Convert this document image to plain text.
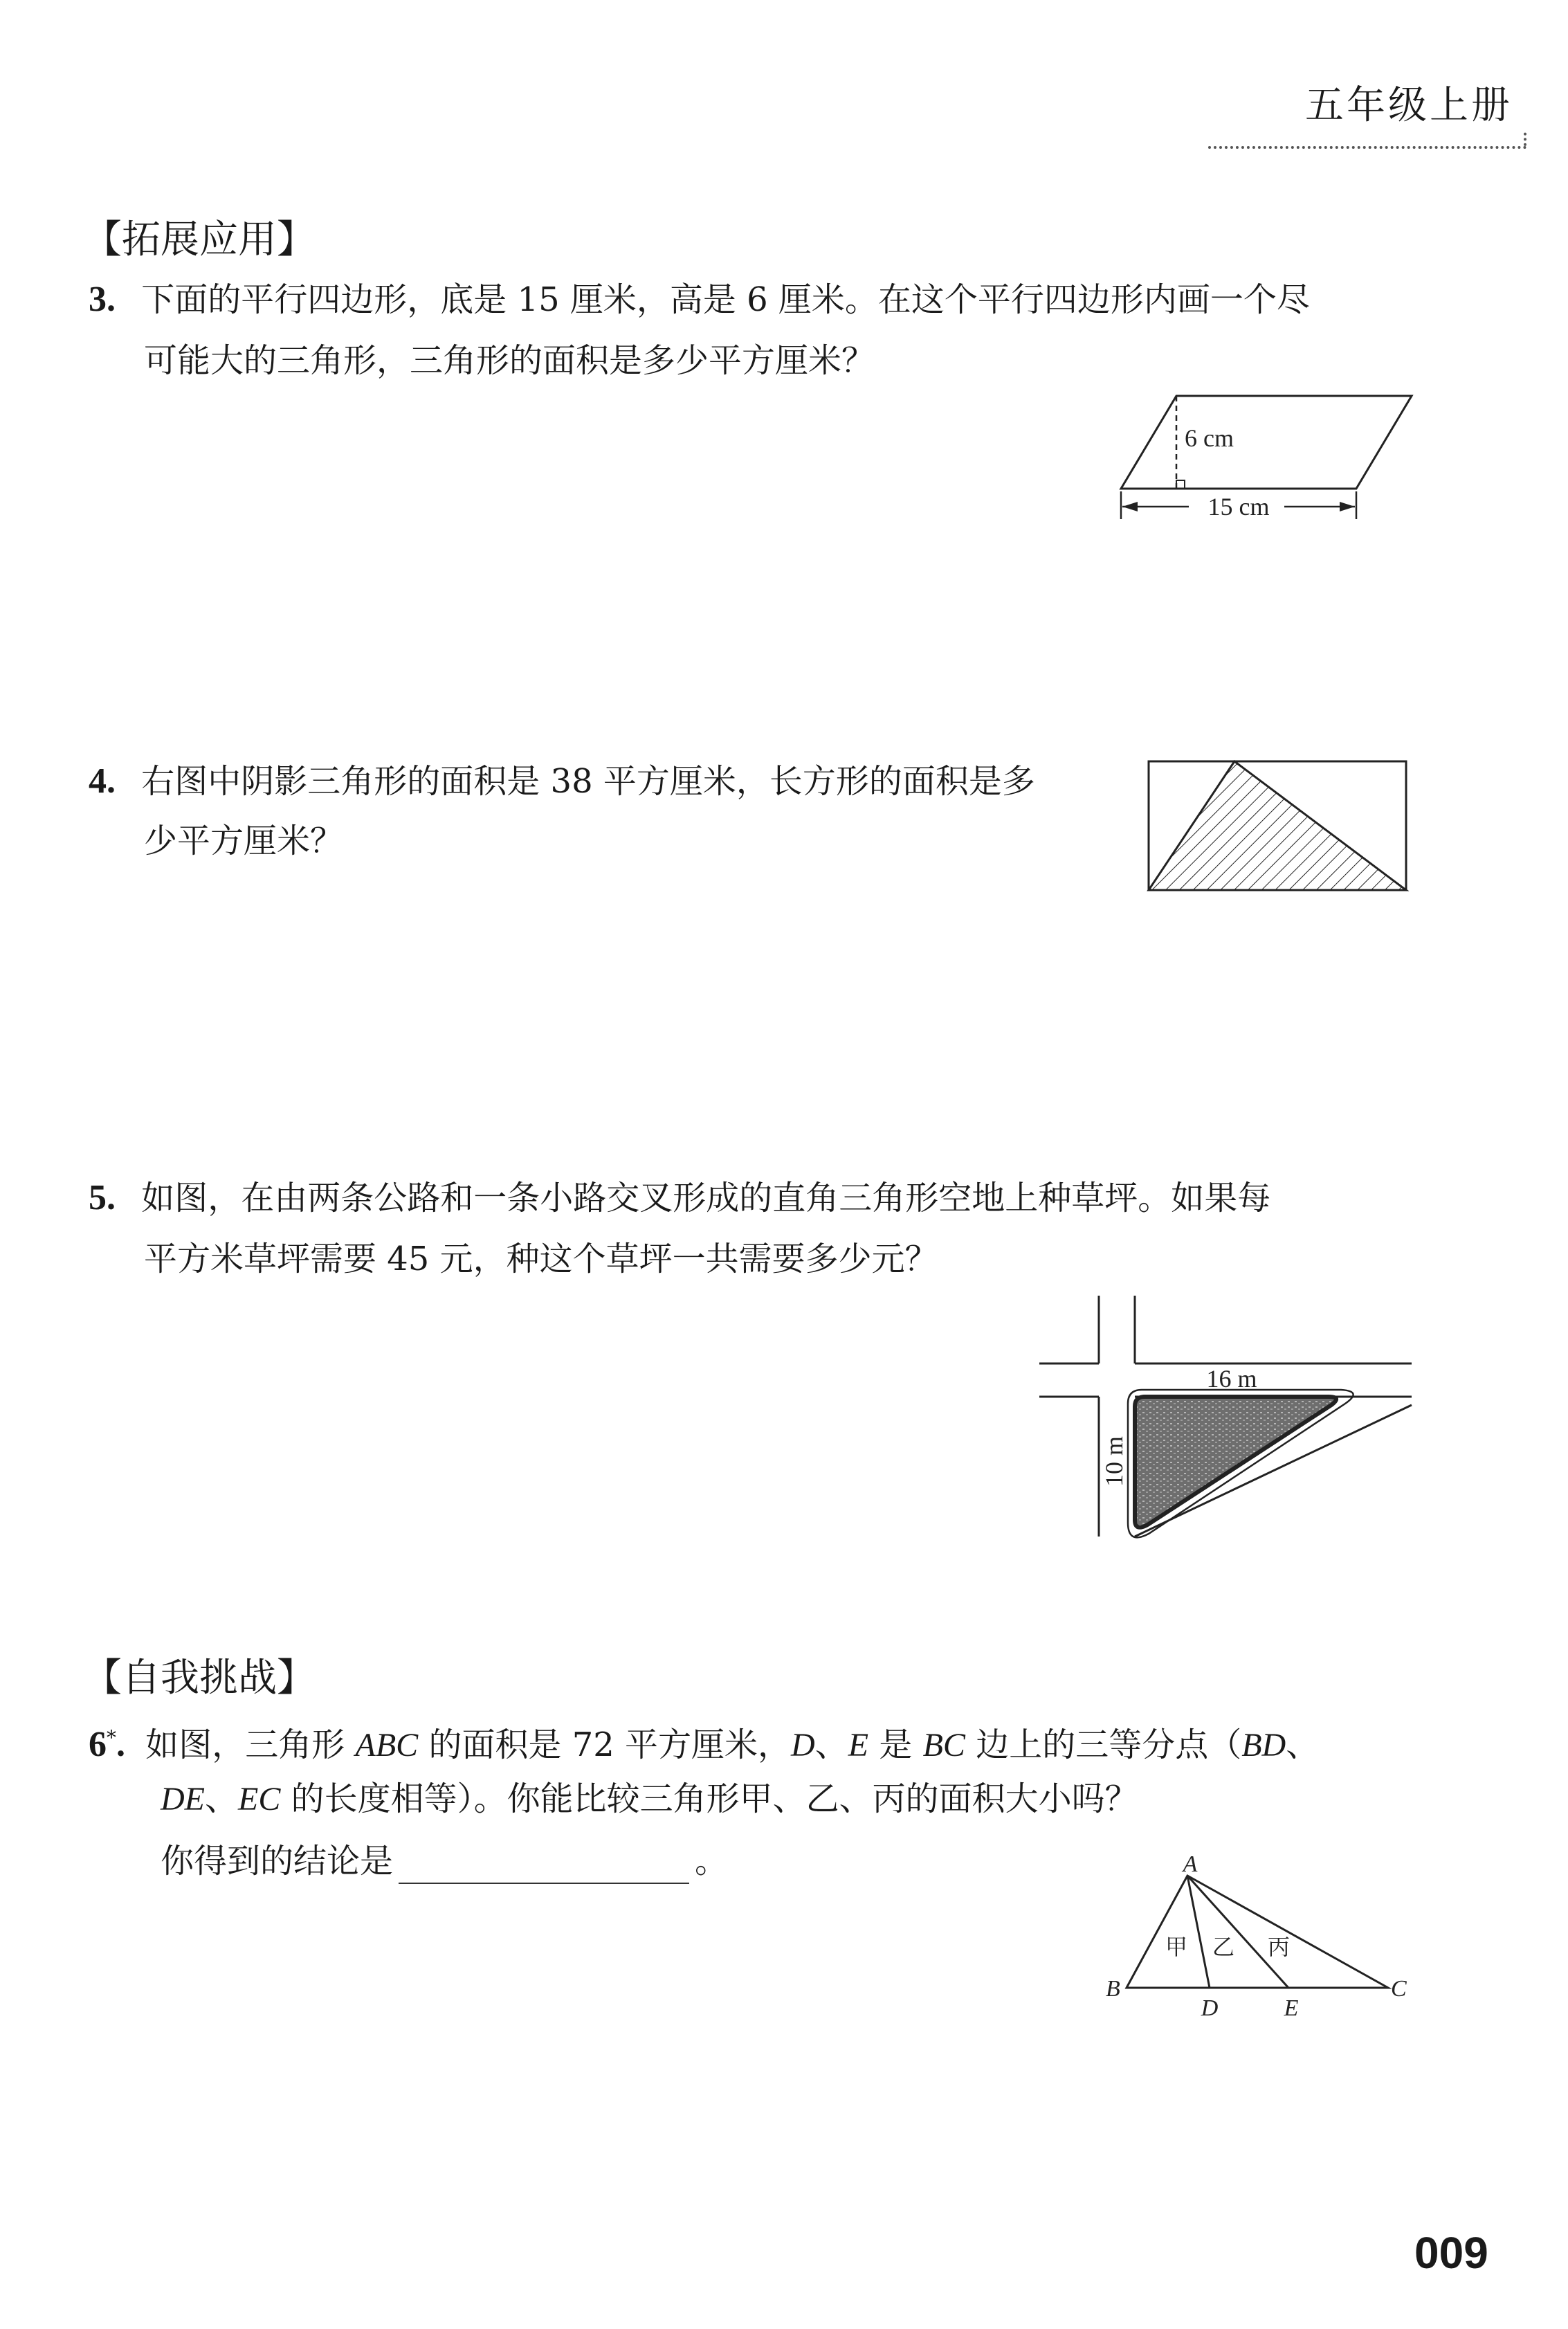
五年级上册
【拓展应用】
3. 下面的平行四边形，底是 15 厘米，高是 6 厘米。在这个平行四边形内画一个尽
可能大的三角形，三角形的面积是多少平方厘米？
6 cm
15 cm
4. 右图中阴影三角形的面积是 38 平方厘米，长方形的面积是多
少平方厘米？
5. 如图，在由两条公路和一条小路交叉形成的直角三角形空地上种草坪。如果每
平方米草坪需要 45 元，种这个草坪一共需要多少元？
16 m
10 m
【自我挑战】
6*. 如图，三角形 ABC 的面积是 72 平方厘米，D、E 是 BC 边上的三等分点（BD、
DE、EC 的长度相等）。你能比较三角形甲、乙、丙的面积大小吗？
你得到的结论是	。	A
B	C
D	E
甲 乙 丙
009
